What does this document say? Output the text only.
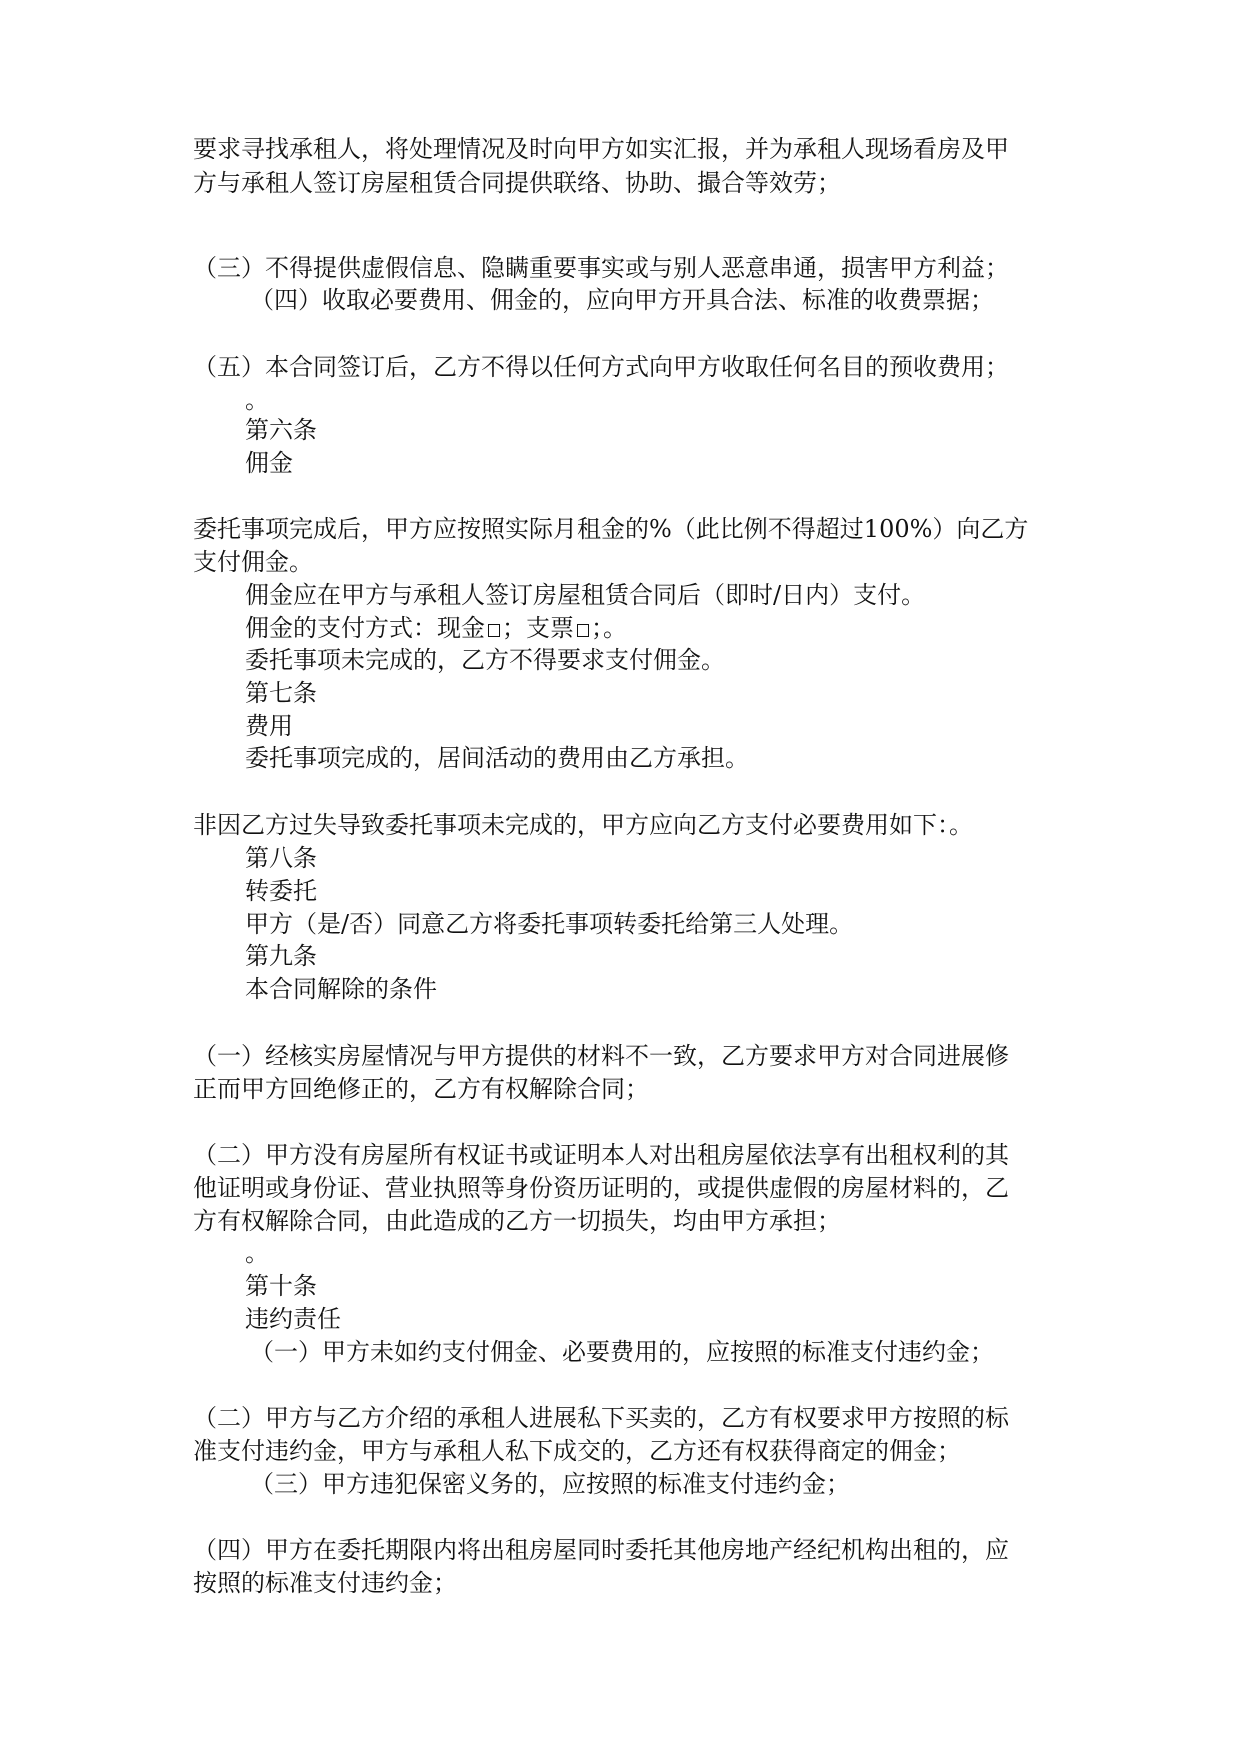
要求寻找承租人，将处理情况及时向甲方如实汇报，并为承租人现场看房及甲
方与承租人签订房屋租赁合同提供联络、协助、撮合等效劳；
（三）不得提供虚假信息、隐瞒重要事实或与别人恶意串通，损害甲方利益；
（四）收取必要费用、佣金的，应向甲方开具合法、标准的收费票据；
（五）本合同签订后，乙方不得以任何方式向甲方收取任何名目的预收费用；
。
第六条
佣金
委托事项完成后，甲方应按照实际月租金的%（此比例不得超过100%）向乙方
支付佣金。
佣金应在甲方与承租人签订房屋租赁合同后（即时/日内）支付。
佣金的支付方式：现金 ；支票 ；。
委托事项未完成的，乙方不得要求支付佣金。
第七条
费用
委托事项完成的，居间活动的费用由乙方承担。
非因乙方过失导致委托事项未完成的，甲方应向乙方支付必要费用如下：。
第八条
转委托
甲方（是/否）同意乙方将委托事项转委托给第三人处理。
第九条
本合同解除的条件
（一）经核实房屋情况与甲方提供的材料不一致，乙方要求甲方对合同进展修
正而甲方回绝修正的，乙方有权解除合同；
（二）甲方没有房屋所有权证书或证明本人对出租房屋依法享有出租权利的其
他证明或身份证、营业执照等身份资历证明的，或提供虚假的房屋材料的，乙
方有权解除合同，由此造成的乙方一切损失，均由甲方承担；
。
第十条
违约责任
（一）甲方未如约支付佣金、必要费用的，应按照的标准支付违约金；
（二）甲方与乙方介绍的承租人进展私下买卖的，乙方有权要求甲方按照的标
准支付违约金，甲方与承租人私下成交的，乙方还有权获得商定的佣金；
（三）甲方违犯保密义务的，应按照的标准支付违约金；
（四）甲方在委托期限内将出租房屋同时委托其他房地产经纪机构出租的，应
按照的标准支付违约金；
